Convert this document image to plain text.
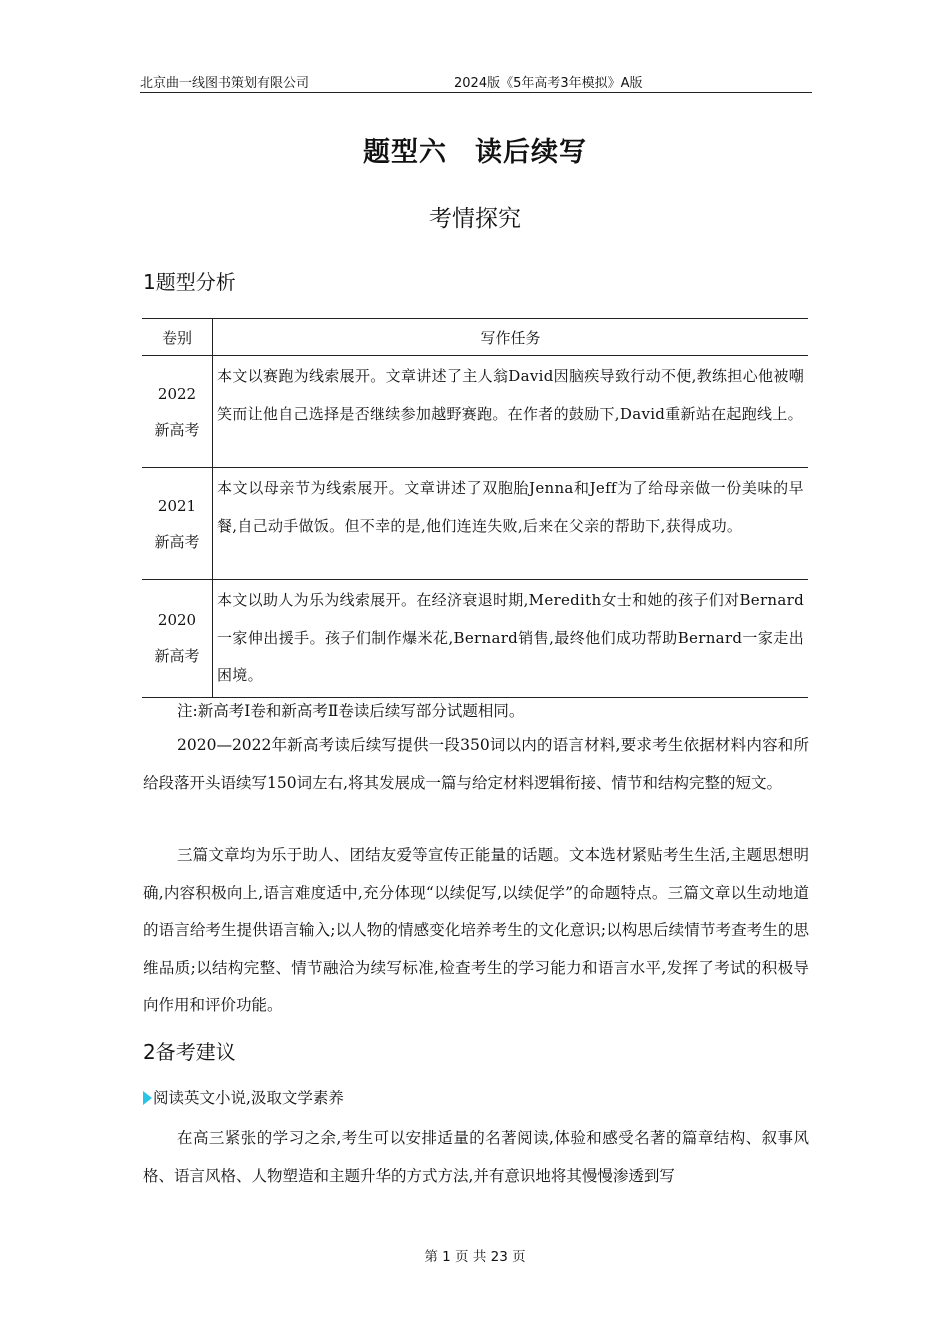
北京曲一线图书策划有限公司	2024版《5年高考3年模拟》A版
题型六　读后续写
考情探究
1题型分析
卷别	写作任务

2022
新高考	本文以赛跑为线索展开。文章讲述了主人翁David因脑疾导致行动不便,教练担心他被嘲笑而让他自己选择是否继续参加越野赛跑。在作者的鼓励下,David重新站在起跑线上。

2021
新高考	本文以母亲节为线索展开。文章讲述了双胞胎Jenna和Jeff为了给母亲做一份美味的早餐,自己动手做饭。但不幸的是,他们连连失败,后来在父亲的帮助下,获得成功。

2020
新高考	本文以助人为乐为线索展开。在经济衰退时期,Meredith女士和她的孩子们对Bernard一家伸出援手。孩子们制作爆米花,Bernard销售,最终他们成功帮助Bernard一家走出困境。
注:新高考Ⅰ卷和新高考Ⅱ卷读后续写部分试题相同。
2020—2022年新高考读后续写提供一段350词以内的语言材料,要求考生依据材料内容和所给段落开头语续写150词左右,将其发展成一篇与给定材料逻辑衔接、情节和结构完整的短文。
三篇文章均为乐于助人、团结友爱等宣传正能量的话题。文本选材紧贴考生生活,主题思想明确,内容积极向上,语言难度适中,充分体现“以续促写,以续促学”的命题特点。三篇文章以生动地道的语言给考生提供语言输入;以人物的情感变化培养考生的文化意识;以构思后续情节考查考生的思维品质;以结构完整、情节融洽为续写标准,检查考生的学习能力和语言水平,发挥了考试的积极导向作用和评价功能。
2备考建议
阅读英文小说,汲取文学素养
在高三紧张的学习之余,考生可以安排适量的名著阅读,体验和感受名著的篇章结构、叙事风格、语言风格、人物塑造和主题升华的方式方法,并有意识地将其慢慢渗透到写
第 1 页 共 23 页
